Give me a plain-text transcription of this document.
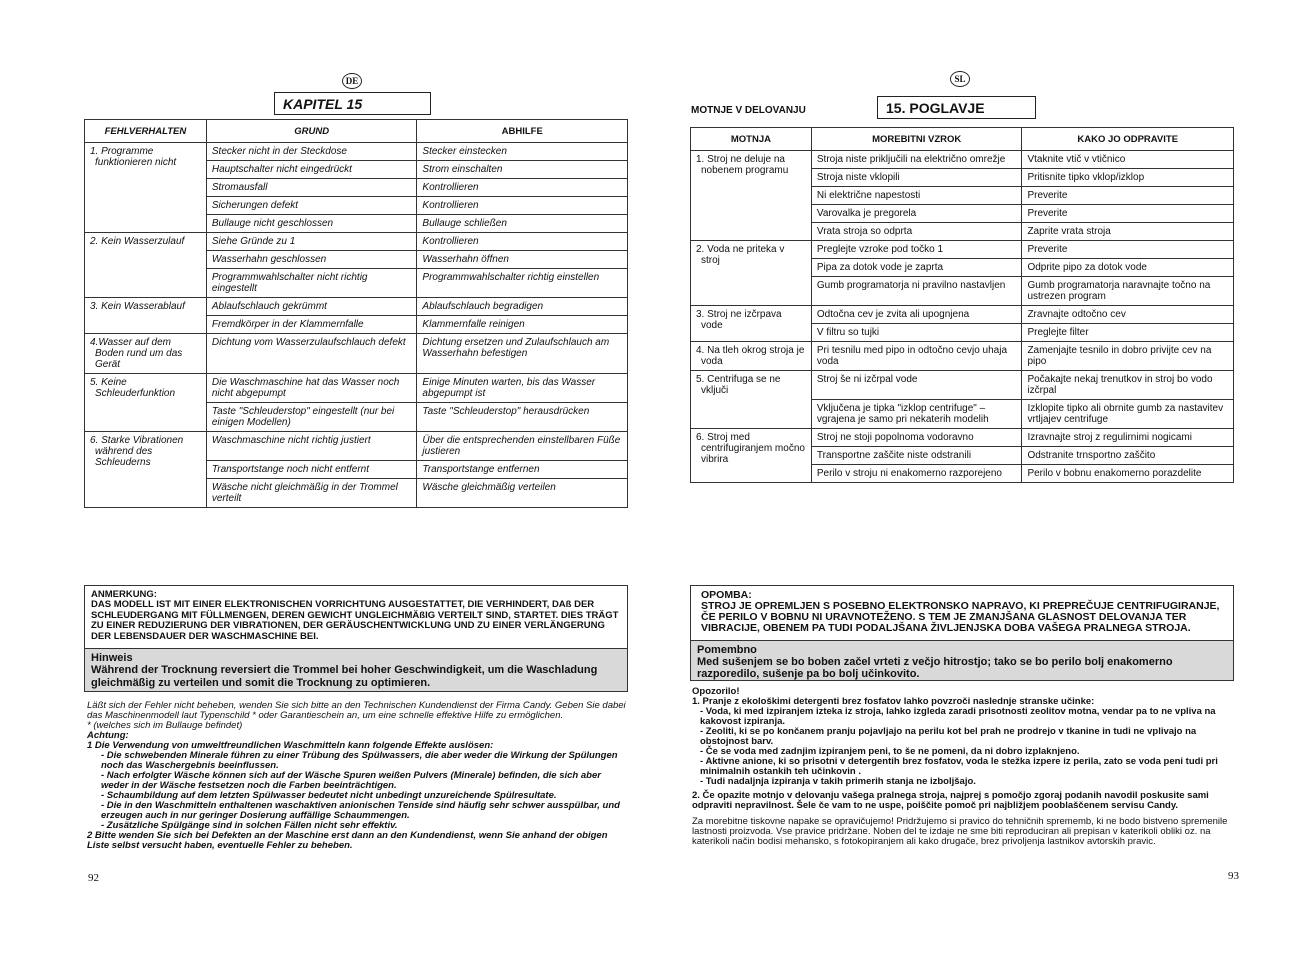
DE
KAPITEL 15
FEHLVERHALTEN	GRUND	ABHILFE
1. Programme funktionieren nicht	Stecker nicht in der Steckdose	Stecker einstecken
	Hauptschalter nicht eingedrückt	Strom einschalten
	Stromausfall	Kontrollieren
	Sicherungen defekt	Kontrollieren
	Bullauge nicht geschlossen	Bullauge schließen
2. Kein Wasserzulauf	Siehe Gründe zu 1	Kontrollieren
	Wasserhahn geschlossen	Wasserhahn öffnen
	Programmwahlschalter nicht richtig eingestellt	Programmwahlschalter richtig einstellen
3. Kein Wasserablauf	Ablaufschlauch gekrümmt	Ablaufschlauch begradigen
	Fremdkörper in der Klammernfalle	Klammernfalle reinigen
4.Wasser auf dem Boden rund um das Gerät	Dichtung vom Wasserzulaufschlauch defekt	Dichtung ersetzen und Zulaufschlauch am Wasserhahn befestigen
5. Keine Schleuderfunktion	Die Waschmaschine hat das Wasser noch nicht abgepumpt	Einige Minuten warten, bis das Wasser abgepumpt ist
	Taste "Schleuderstop" eingestellt (nur bei einigen Modellen)	Taste "Schleuderstop" herausdrücken
6. Starke Vibrationen während des Schleuderns	Waschmaschine nicht richtig justiert	Über die entsprechenden einstellbaren Füße justieren
	Transportstange noch nicht entfernt	Transportstange entfernen
	Wäsche nicht gleichmäßig in der Trommel verteilt	Wäsche gleichmäßig verteilen
ANMERKUNG:
DAS MODELL IST MIT EINER ELEKTRONISCHEN VORRICHTUNG AUSGESTATTET, DIE VERHINDERT, DAß DER SCHLEUDERGANG MIT FÜLLMENGEN, DEREN GEWICHT UNGLEICHMÄßIG VERTEILT SIND, STARTET. DIES TRÄGT ZU EINER REDUZIERUNG DER VIBRATIONEN, DER GERÄUSCHENTWICKLUNG UND ZU EINER VERLÄNGERUNG DER LEBENSDAUER DER WASCHMASCHINE BEI.
Hinweis
Während der Trocknung reversiert die Trommel bei hoher Geschwindigkeit, um die Waschladung gleichmäßig zu verteilen und somit die Trocknung zu optimieren.
Läßt sich der Fehler nicht beheben, wenden Sie sich bitte an den Technischen Kundendienst der Firma Candy. Geben Sie dabei das Maschinenmodell laut Typenschild * oder Garantieschein an, um eine schnelle effektive Hilfe zu ermöglichen.
* (welches sich im Bullauge befindet)
Achtung:
1 Die Verwendung von umweltfreundlichen Waschmitteln kann folgende Effekte auslösen:
- Die schwebenden Minerale führen zu einer Trübung des Spülwassers, die aber weder die Wirkung der Spülungen noch das Waschergebnis beeinflussen.
- Nach erfolgter Wäsche können sich auf der Wäsche Spuren weißen Pulvers (Minerale) befinden, die sich aber weder in der Wäsche festsetzen noch die Farben beeinträchtigen.
- Schaumbildung auf dem letzten Spülwasser bedeutet nicht unbedingt unzureichende Spülresultate.
- Die in den Waschmitteln enthaltenen waschaktiven anionischen Tenside sind häufig sehr schwer ausspülbar, und erzeugen auch in nur geringer Dosierung auffällige Schaummengen.
- Zusätzliche Spülgänge sind in solchen Fällen nicht sehr effektiv.
2 Bitte wenden Sie sich bei Defekten an der Maschine erst dann an den Kundendienst, wenn Sie anhand der obigen Liste selbst versucht haben, eventuelle Fehler zu beheben.
92
SL
MOTNJE V DELOVANJU	15. POGLAVJE
MOTNJA	MOREBITNI VZROK	KAKO JO ODPRAVITE
1. Stroj ne deluje na nobenem programu	Stroja niste priključili na električno omrežje	Vtaknite vtič v vtičnico
	Stroja niste vklopili	Pritisnite tipko vklop/izklop
	Ni električne napestosti	Preverite
	Varovalka je pregorela	Preverite
	Vrata stroja so odprta	Zaprite vrata stroja
2. Voda ne priteka v stroj	Preglejte vzroke pod točko 1	Preverite
	Pipa za dotok vode je zaprta	Odprite pipo za dotok vode
	Gumb programatorja ni pravilno nastavljen	Gumb programatorja naravnajte točno na ustrezen program
3. Stroj ne izčrpava vode	Odtočna cev je zvita ali upognjena	Zravnajte odtočno cev
	V filtru so tujki	Preglejte filter
4. Na tleh okrog stroja je voda	Pri tesnilu med pipo in odtočno cevjo uhaja voda	Zamenjajte tesnilo in dobro privijte cev na pipo
5. Centrifuga se ne vključi	Stroj še ni izčrpal vode	Počakajte nekaj trenutkov in stroj bo vodo izčrpal
	Vključena je tipka "izklop centrifuge" – vgrajena je samo pri nekaterih modelih	Izklopite tipko ali obrnite gumb za nastavitev vrtljajev centrifuge
6. Stroj med centrifugiranjem močno vibrira	Stroj ne stoji popolnoma vodoravno	Izravnajte stroj z regulirnimi nogicami
	Transportne zaščite niste odstranili	Odstranite trnsportno zaščito
	Perilo v stroju ni enakomerno razporejeno	Perilo v bobnu enakomerno porazdelite
OPOMBA:
STROJ JE OPREMLJEN S POSEBNO ELEKTRONSKO NAPRAVO, KI PREPREČUJE CENTRIFUGIRANJE, ČE PERILO V BOBNU NI URAVNOTEŽENO. S TEM JE ZMANJŠANA GLASNOST DELOVANJA TER VIBRACIJE, OBENEM PA TUDI PODALJŠANA ŽIVLJENJSKA DOBA VAŠEGA PRALNEGA STROJA.
Pomembno
Med sušenjem se bo boben začel vrteti z večjo hitrostjo; tako se bo perilo bolj enakomerno razporedilo, sušenje pa bo bolj učinkovito.
Opozorilo!
1. Pranje z ekološkimi detergenti brez fosfatov lahko povzroči naslednje stranske učinke:
- Voda, ki med izpiranjem izteka iz stroja, lahko izgleda zaradi prisotnosti zeolitov motna, vendar pa to ne vpliva na kakovost izpiranja.
- Zeoliti, ki se po končanem pranju pojavljajo na perilu kot bel prah ne prodrejo v tkanine in tudi ne vplivajo na obstojnost barv.
- Če se voda med zadnjim izpiranjem peni, to še ne pomeni, da ni dobro izplaknjeno.
- Aktivne anione, ki so prisotni v detergentih brez fosfatov, voda le stežka izpere iz perila, zato se voda peni tudi pri minimalnih ostankih teh učinkovin .
- Tudi nadaljnja izpiranja v takih primerih stanja ne izboljšajo.
2. Če opazite motnjo v delovanju vašega pralnega stroja, najprej s pomočjo zgoraj podanih navodil poskusite sami odpraviti nepravilnost. Šele če vam to ne uspe, poiščite pomoč pri najbližjem pooblaščenem servisu Candy.
Za morebitne tiskovne napake se opravičujemo! Pridržujemo si pravico do tehničnih sprememb, ki ne bodo bistveno spremenile lastnosti proizvoda. Vse pravice pridržane. Noben del te izdaje ne sme biti reproduciran ali prepisan v katerikoli obliki oz. na katerikoli način bodisi mehansko, s fotokopiranjem ali kako drugače, brez privoljenja lastnikov avtorskih pravic.
93
